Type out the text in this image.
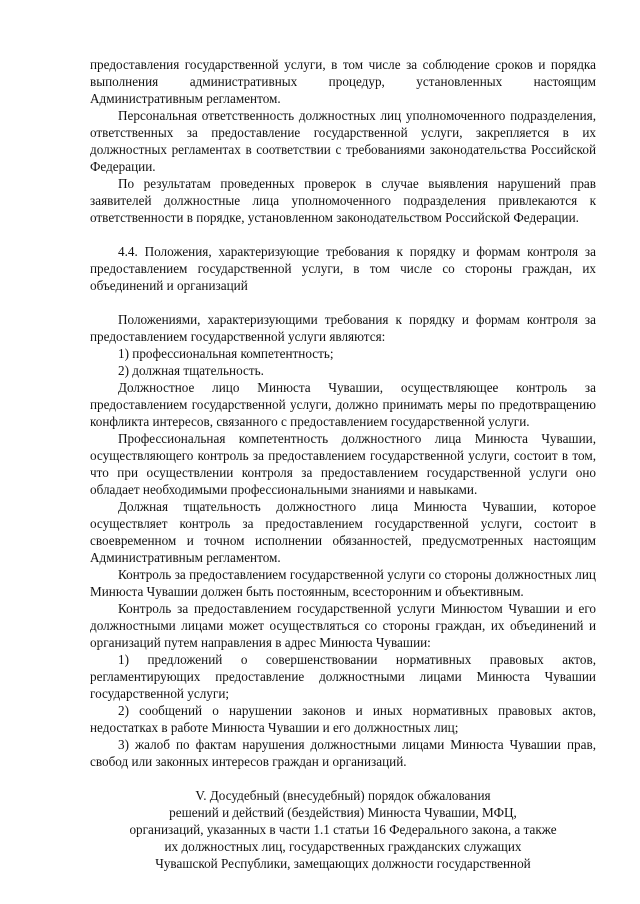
предоставления государственной услуги, в том числе за соблюдение сроков и порядка выполнения административных процедур, установленных настоящим Административным регламентом.

Персональная ответственность должностных лиц уполномоченного подразделения, ответственных за предоставление государственной услуги, закрепляется в их должностных регламентах в соответствии с требованиями законодательства Российской Федерации.

По результатам проведенных проверок в случае выявления нарушений прав заявителей должностные лица уполномоченного подразделения привлекаются к ответственности в порядке, установленном законодательством Российской Федерации.

4.4. Положения, характеризующие требования к порядку и формам контроля за предоставлением государственной услуги, в том числе со стороны граждан, их объединений и организаций

Положениями, характеризующими требования к порядку и формам контроля за предоставлением государственной услуги являются:

1) профессиональная компетентность;

2) должная тщательность.

Должностное лицо Минюста Чувашии, осуществляющее контроль за предоставлением государственной услуги, должно принимать меры по предотвращению конфликта интересов, связанного с предоставлением государственной услуги.

Профессиональная компетентность должностного лица Минюста Чувашии, осуществляющего контроль за предоставлением государственной услуги, состоит в том, что при осуществлении контроля за предоставлением государственной услуги оно обладает необходимыми профессиональными знаниями и навыками.

Должная тщательность должностного лица Минюста Чувашии, которое осуществляет контроль за предоставлением государственной услуги, состоит в своевременном и точном исполнении обязанностей, предусмотренных настоящим Административным регламентом.

Контроль за предоставлением государственной услуги со стороны должностных лиц Минюста Чувашии должен быть постоянным, всесторонним и объективным.

Контроль за предоставлением государственной услуги Минюстом Чувашии и его должностными лицами может осуществляться со стороны граждан, их объединений и организаций путем направления в адрес Минюста Чувашии:

1) предложений о совершенствовании нормативных правовых актов, регламентирующих предоставление должностными лицами Минюста Чувашии государственной услуги;

2) сообщений о нарушении законов и иных нормативных правовых актов, недостатках в работе Минюста Чувашии и его должностных лиц;

3) жалоб по фактам нарушения должностными лицами Минюста Чувашии прав, свобод или законных интересов граждан и организаций.

V. Досудебный (внесудебный) порядок обжалования

решений и действий (бездействия) Минюста Чувашии, МФЦ,

организаций, указанных в части 1.1 статьи 16 Федерального закона, а также

их должностных лиц, государственных гражданских служащих

Чувашской Республики, замещающих должности государственной
